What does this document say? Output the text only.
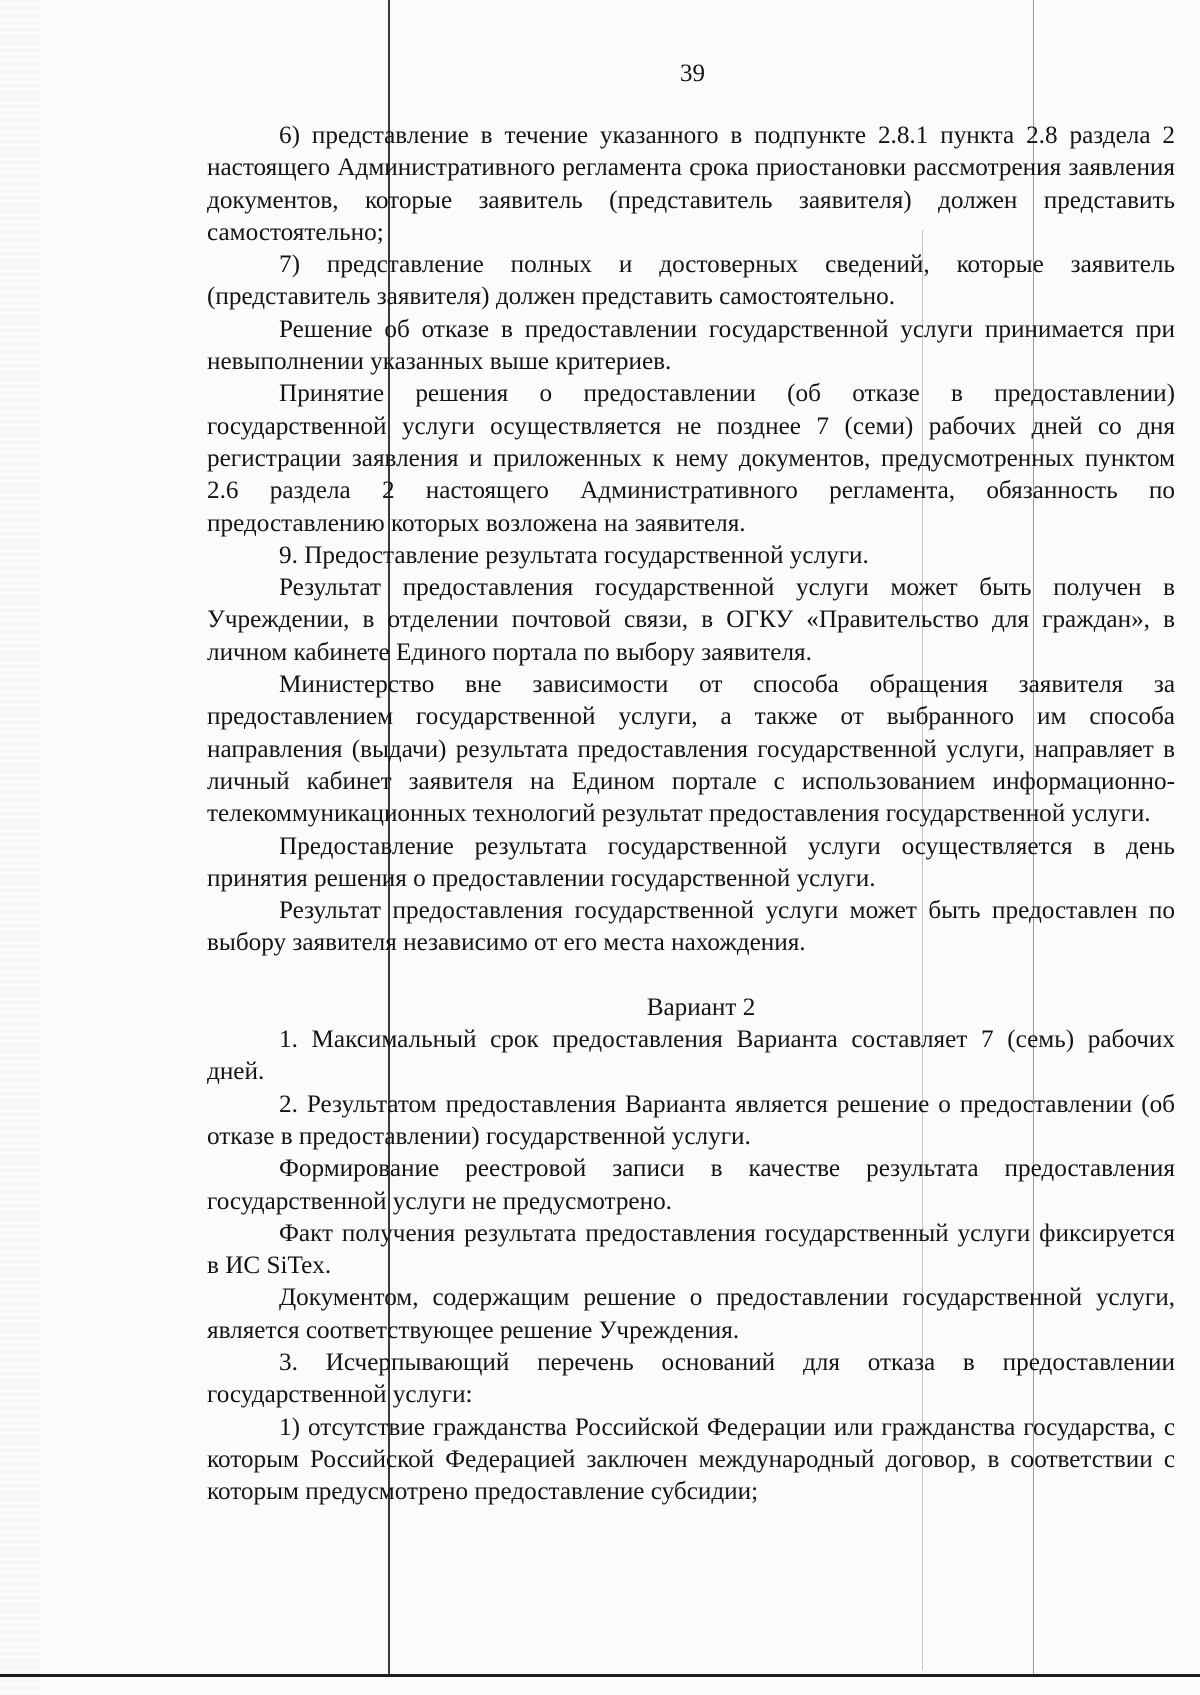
39

6) представление в течение указанного в подпункте 2.8.1 пункта 2.8 раздела 2 настоящего Административного регламента срока приостановки рассмотрения заявления документов, которые заявитель (представитель заявителя) должен представить самостоятельно;

7) представление полных и достоверных сведений, которые заявитель (представитель заявителя) должен представить самостоятельно.

Решение об отказе в предоставлении государственной услуги принимается при невыполнении указанных выше критериев.

Принятие решения о предоставлении (об отказе в предоставлении) государственной услуги осуществляется не позднее 7 (семи) рабочих дней со дня регистрации заявления и приложенных к нему документов, предусмотренных пунктом 2.6 раздела 2 настоящего Административного регламента, обязанность по предоставлению которых возложена на заявителя.

9. Предоставление результата государственной услуги.

Результат предоставления государственной услуги может быть получен в Учреждении, в отделении почтовой связи, в ОГКУ «Правительство для граждан», в личном кабинете Единого портала по выбору заявителя.

Министерство вне зависимости от способа обращения заявителя за предоставлением государственной услуги, а также от выбранного им способа направления (выдачи) результата предоставления государственной услуги, направляет в личный кабинет заявителя на Едином портале с использованием информационно-телекоммуникационных технологий результат предоставления государственной услуги.

Предоставление результата государственной услуги осуществляется в день принятия решения о предоставлении государственной услуги.

Результат предоставления государственной услуги может быть предоставлен по выбору заявителя независимо от его места нахождения.

Вариант 2

1. Максимальный срок предоставления Варианта составляет 7 (семь) рабочих дней.

2. Результатом предоставления Варианта является решение о предоставлении (об отказе в предоставлении) государственной услуги.

Формирование реестровой записи в качестве результата предоставления государственной услуги не предусмотрено.

Факт получения результата предоставления государственный услуги фиксируется в ИС SiTex.

Документом, содержащим решение о предоставлении государственной услуги, является соответствующее решение Учреждения.

3. Исчерпывающий перечень оснований для отказа в предоставлении государственной услуги:

1) отсутствие гражданства Российской Федерации или гражданства государства, с которым Российской Федерацией заключен международный договор, в соответствии с которым предусмотрено предоставление субсидии;
